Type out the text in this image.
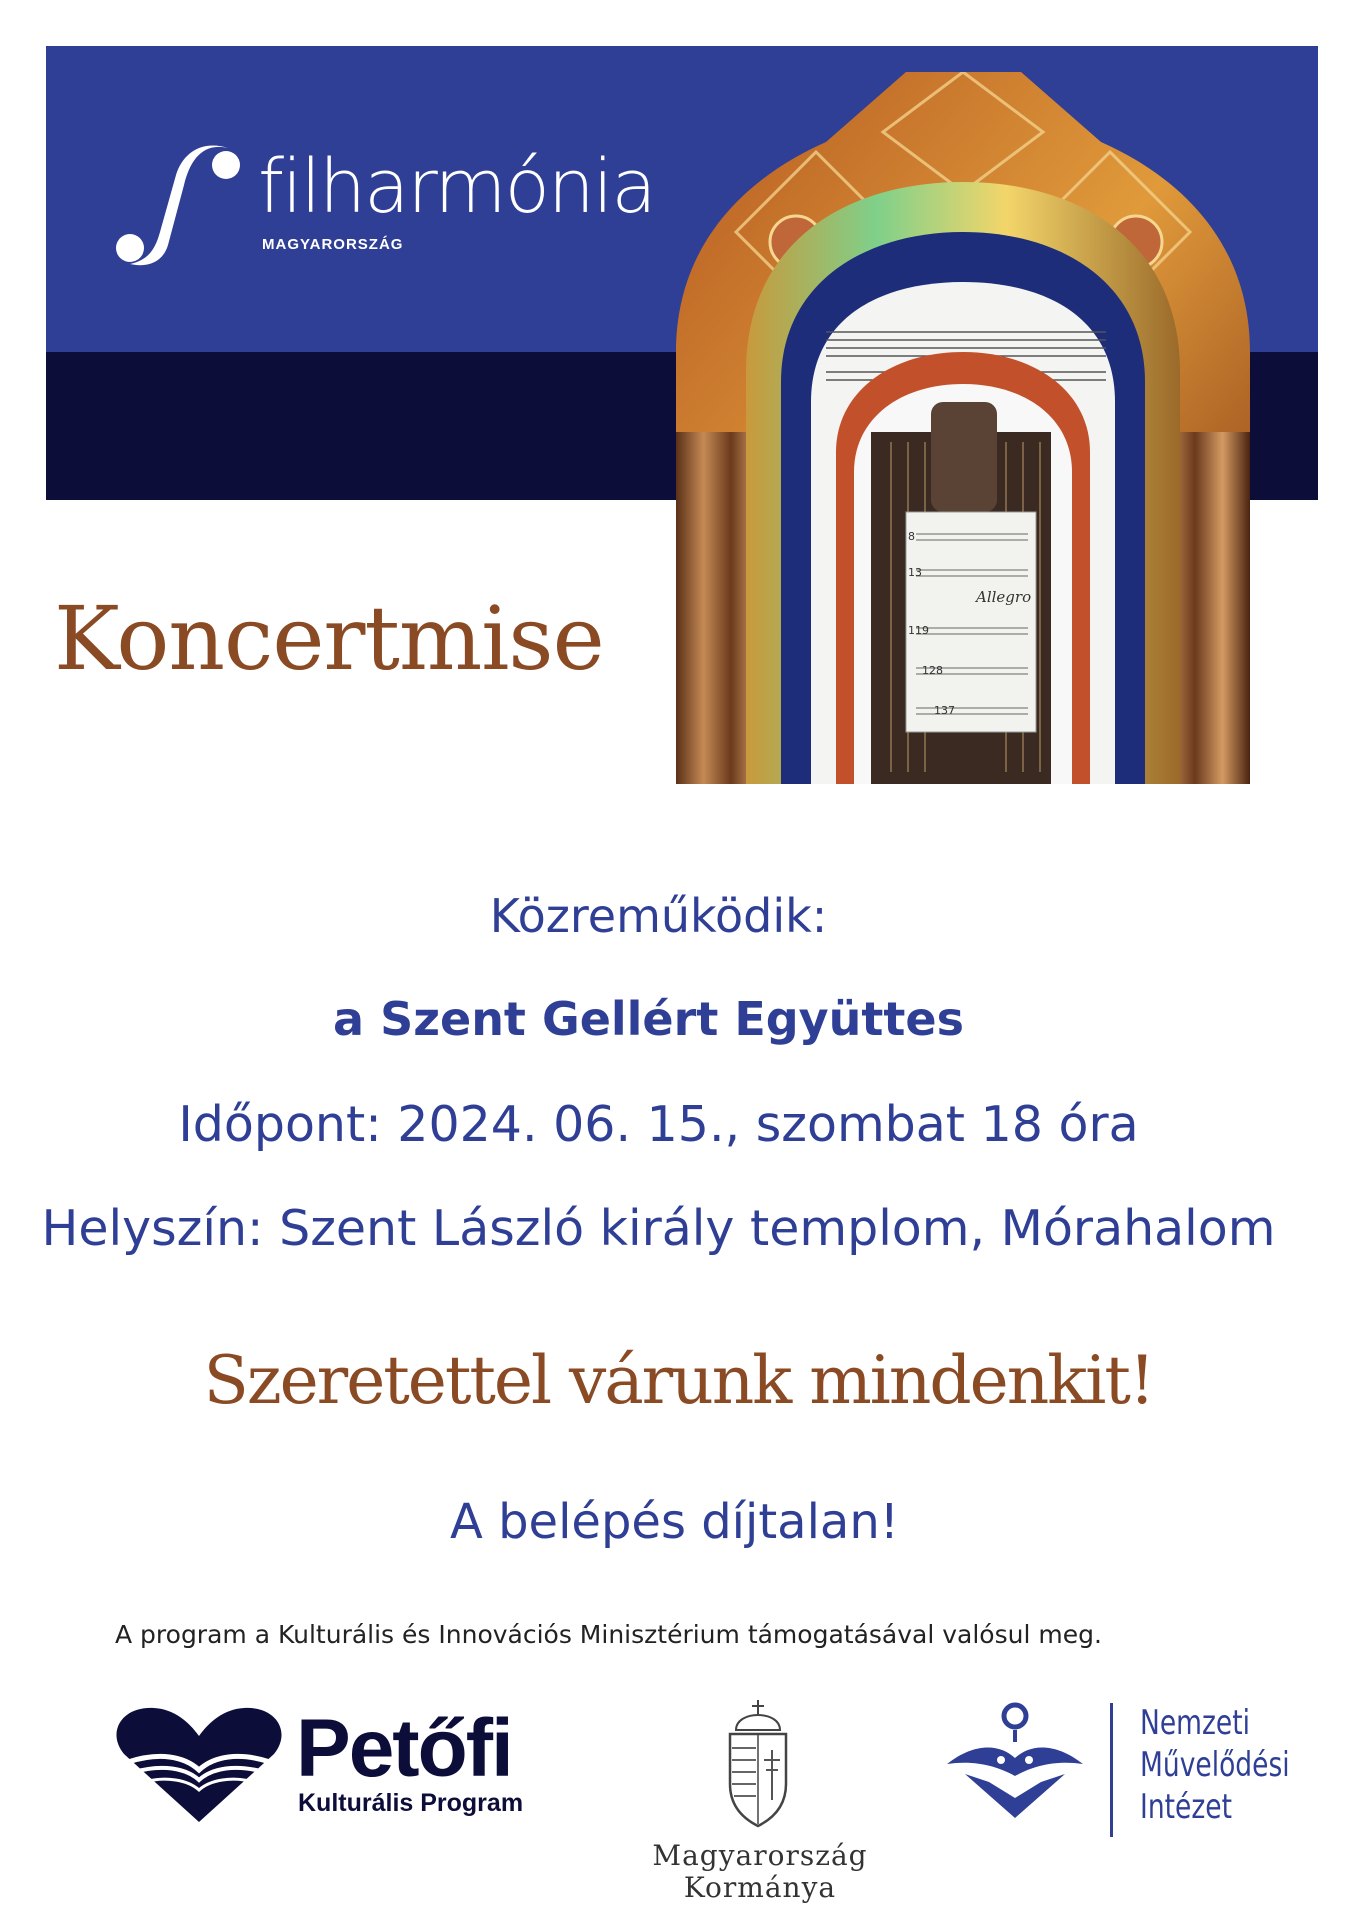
filharmónia
MAGYARORSZÁG
8
13
Allegro
119
128
137
Koncertmise
Közreműködik:
a Szent Gellért Együttes
Időpont: 2024. 06. 15., szombat 18 óra
Helyszín: Szent László király templom, Mórahalom
Szeretettel várunk mindenkit!
A belépés díjtalan!
A program a Kulturális és Innovációs Minisztérium támogatásával valósul meg.
Petőfi
Kulturális Program
Magyarország
Kormánya
Nemzeti
Művelődési
Intézet
